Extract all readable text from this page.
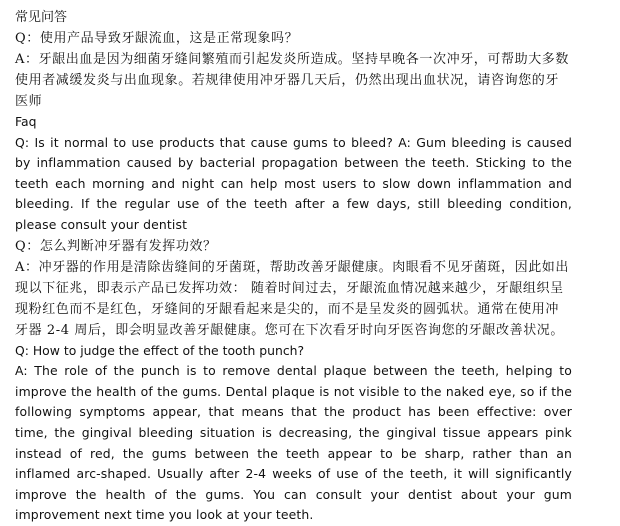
常见问答

Q：使用产品导致牙龈流血，这是正常现象吗？

A：牙龈出血是因为细菌牙缝间繁殖而引起发炎所造成。坚持早晚各一次冲牙，可帮助大多数使用者减缓发炎与出血现象。若规律使用冲牙器几天后，仍然出现出血状况，请咨询您的牙医师

Faq

Q: Is it normal to use products that cause gums to bleed? A: Gum bleeding is caused by inflammation caused by bacterial propagation between the teeth. Sticking to the teeth each morning and night can help most users to slow down inflammation and bleeding. If the regular use of the teeth after a few days, still bleeding condition, please consult your dentist

Q：怎么判断冲牙器有发挥功效？

A：冲牙器的作用是清除齿缝间的牙菌斑，帮助改善牙龈健康。肉眼看不见牙菌斑，因此如出现以下征兆，即表示产品已发挥功效： 随着时间过去，牙龈流血情况越来越少，牙龈组织呈现粉红色而不是红色，牙缝间的牙龈看起来是尖的，而不是呈发炎的圆弧状。通常在使用冲牙器 2-4 周后，即会明显改善牙龈健康。您可在下次看牙时向牙医咨询您的牙龈改善状况。

Q: How to judge the effect of the tooth punch?

A: The role of the punch is to remove dental plaque between the teeth, helping to improve the health of the gums. Dental plaque is not visible to the naked eye, so if the following symptoms appear, that means that the product has been effective: over time, the gingival bleeding situation is decreasing, the gingival tissue appears pink instead of red, the gums between the teeth appear to be sharp, rather than an inflamed arc-shaped. Usually after 2-4 weeks of use of the teeth, it will significantly improve the health of the gums. You can consult your dentist about your gum improvement next time you look at your teeth.
